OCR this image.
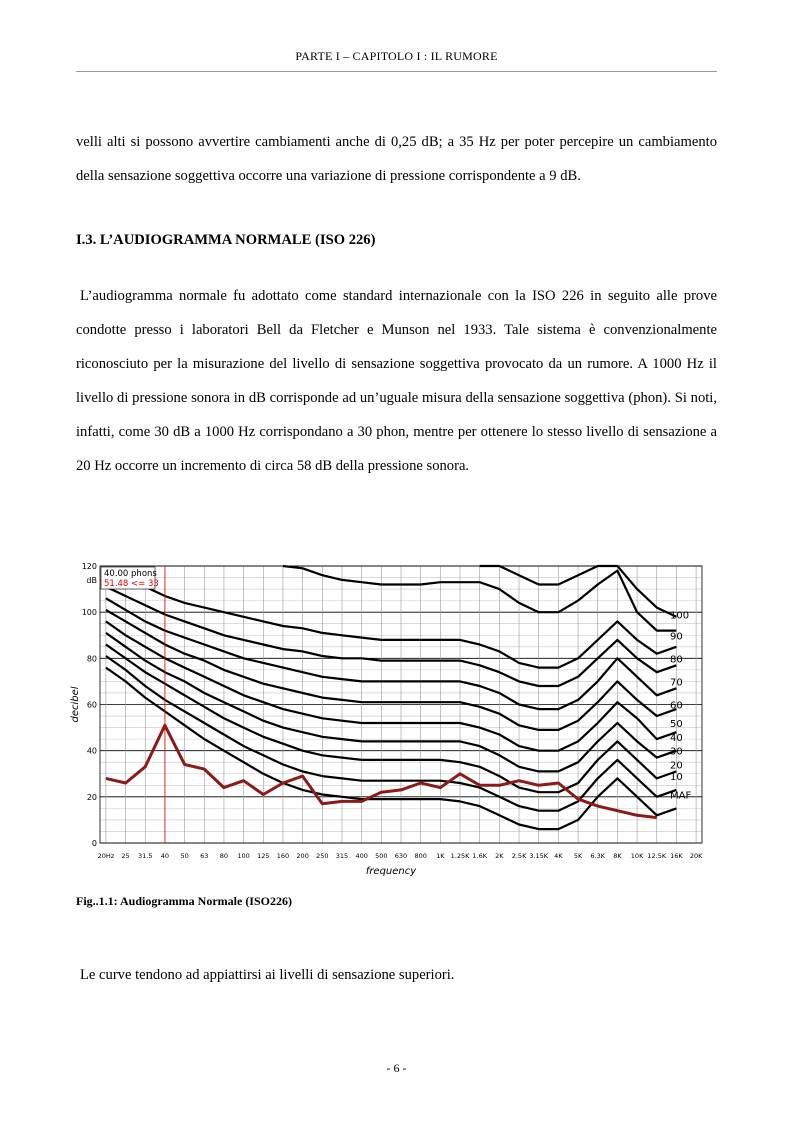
PARTE I – CAPITOLO I : IL RUMORE

velli alti si possono avvertire cambiamenti anche di 0,25 dB; a 35 Hz per poter percepire un cambiamento della sensazione soggettiva occorre una variazione di pressione corrispondente a 9 dB.

I.3. L’AUDIOGRAMMA NORMALE (ISO 226)

L’audiogramma normale fu adottato come standard internazionale con la ISO 226 in seguito alle prove condotte presso i laboratori Bell da Fletcher e Munson nel 1933. Tale sistema è convenzionalmente riconosciuto per la misurazione del livello di sensazione soggettiva provocato da un rumore. A 1000 Hz il livello di pressione sonora in dB corrisponde ad un’uguale misura della sensazione soggettiva (phon). Si noti, infatti, come 30 dB a 1000 Hz corrispondano a 30 phon, mentre per ottenere lo stesso livello di sensazione a 20 Hz occorre un incremento di circa 58 dB della pressione sonora.

100
90
80
70
60
50
40
30
20
10
MAF
0
20
40
60
80
100
120
dB
20Hz 25 31.5 40 50 63 80 100 125 160 200 250 315 400 500 630 800 1K 1.25K 1.6K 2K 2.5K 3.15K 4K 5K 6.3K 8K 10K 12.5K 16K 20K
frequency
decibel
40.00 phons
51.48 <= 33
Fig..1.1: Audiogramma Normale (ISO226)

Le curve tendono ad appiattirsi ai livelli di sensazione superiori.

- 6 -
